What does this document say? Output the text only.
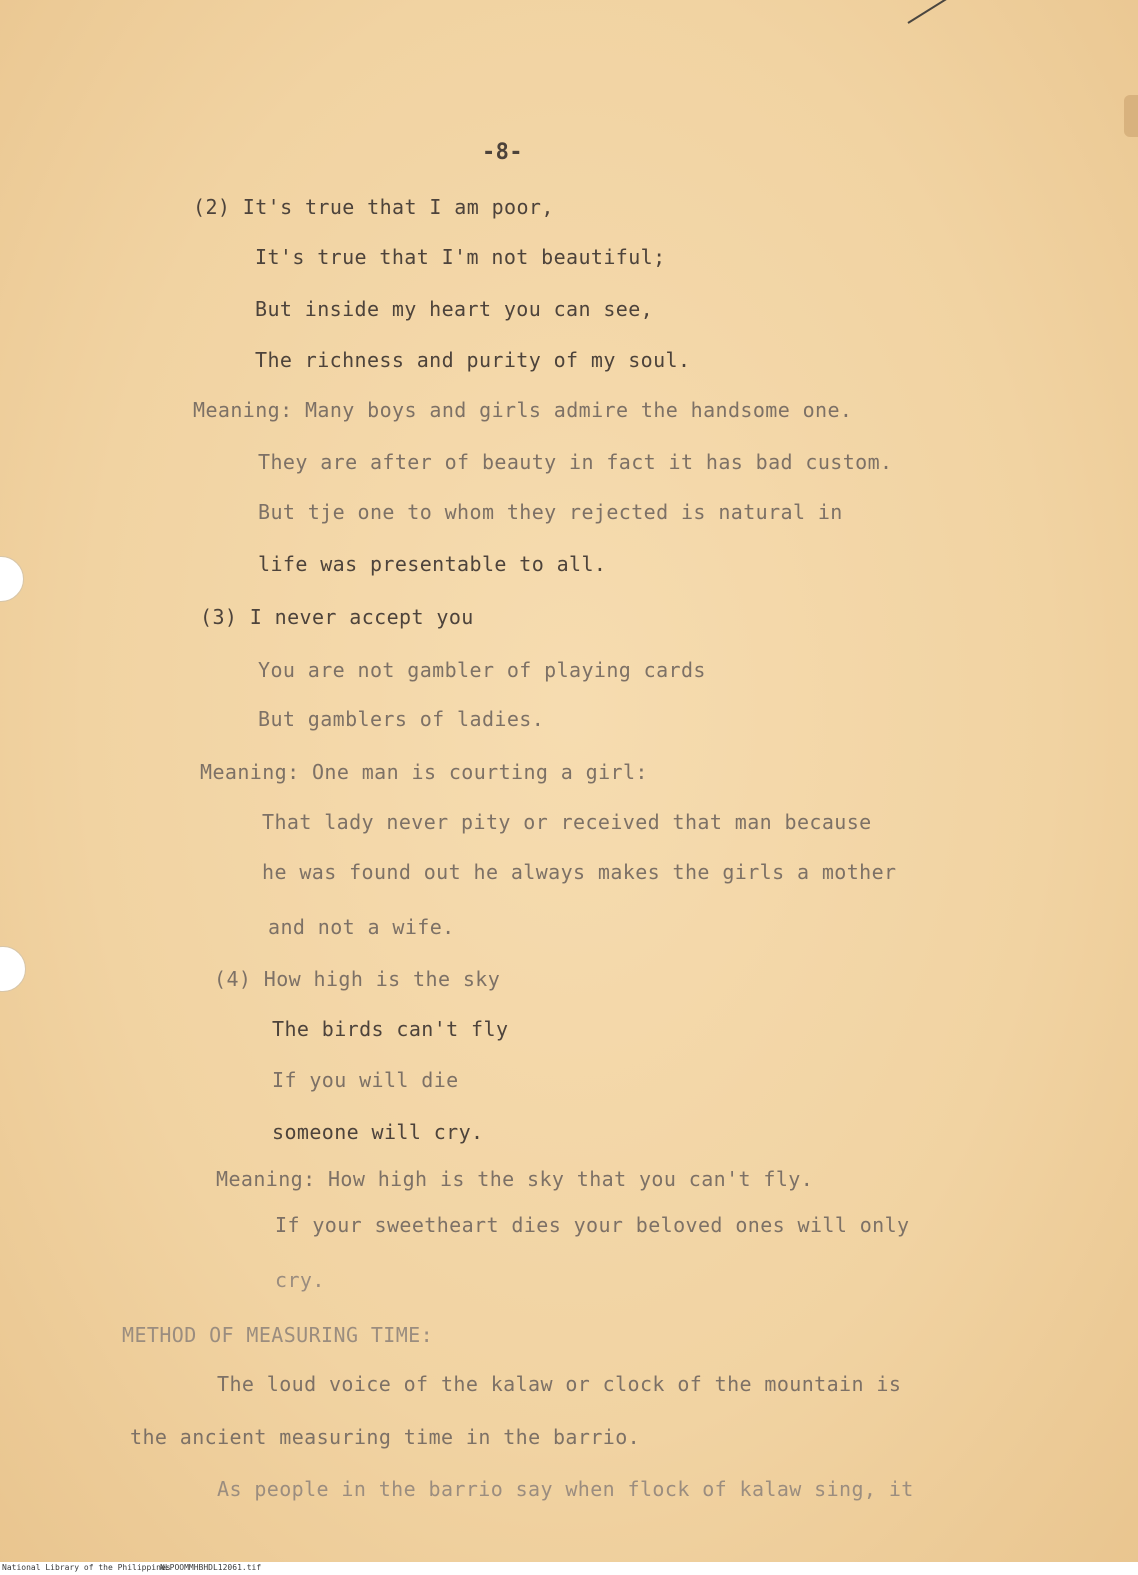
-8-
(2) It's true that I am poor,
It's true that I'm not beautiful;
But inside my heart you can see,
The richness and purity of my soul.
Meaning: Many boys and girls admire the handsome one.
They are after of beauty in fact it has bad custom.
But tje one to whom they rejected is natural in
life was presentable to all.
(3) I never accept you
You are not gambler of playing cards
But gamblers of ladies.
Meaning: One man is courting a girl:
That lady never pity or received that man because
he was found out he always makes the girls a mother
and not a wife.
(4) How high is the sky
The birds can't fly
If you will die
someone will cry.
Meaning: How high is the sky that you can't fly.
If your sweetheart dies your beloved ones will only
cry.
METHOD OF MEASURING TIME:
The loud voice of the kalaw or clock of the mountain is
the ancient measuring time in the barrio.
As people in the barrio say when flock of kalaw sing, it
National Library of the Philippines
NLPOOMMHBHDL12061.tif
